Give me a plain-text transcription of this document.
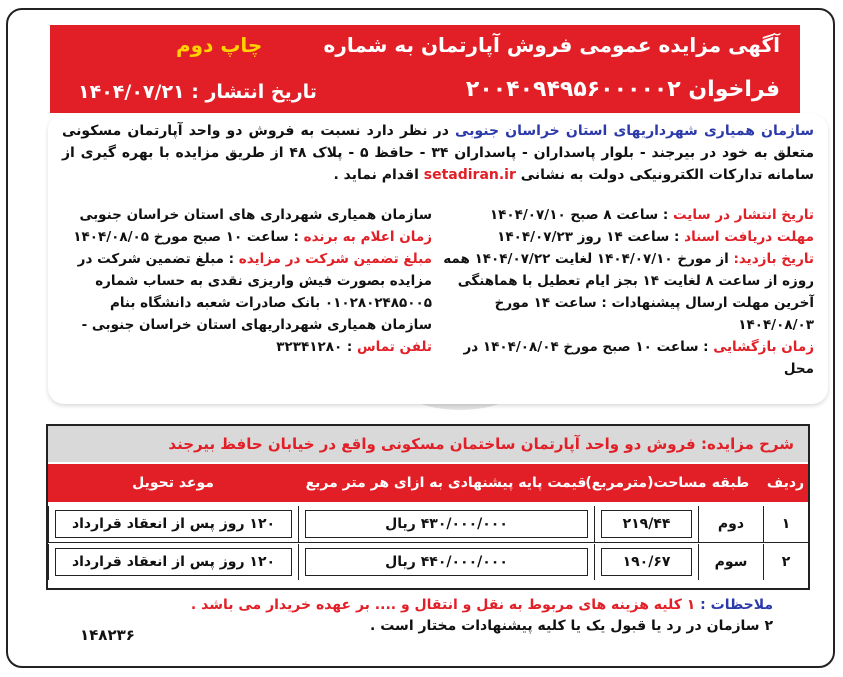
آگهی مزایده عمومی فروش آپارتمان به شماره
فراخوان ۲۰۰۴۰۹۴۹۵۶۰۰۰۰۰۲
چاپ دوم
تاریخ انتشار : ۱۴۰۴/۰۷/۲۱

سازمان همیاری شهرداریهای استان خراسان جنوبی در نظر دارد نسبت به فروش دو واحد آپارتمان مسکونی متعلق به خود در بیرجند - بلوار پاسداران - پاسداران ۳۴ - حافظ ۵ - پلاک ۴۸ از طریق مزایده با بهره گیری از سامانه تدارکات الکترونیکی دولت به نشانی setadiran.ir اقدام نماید .

تاریخ انتشار در سایت : ساعت ۸ صبح ۱۴۰۴/۰۷/۱۰

مهلت دریافت اسناد : ساعت ۱۴ روز ۱۴۰۴/۰۷/۲۳

تاریخ بازدید: از مورخ ۱۴۰۴/۰۷/۱۰ لغایت ۱۴۰۴/۰۷/۲۲ همه روزه از ساعت ۸ لغایت ۱۴ بجز ایام تعطیل با هماهنگی

آخرین مهلت ارسال پیشنهادات : ساعت ۱۴ مورخ ۱۴۰۴/۰۸/۰۳

زمان بازگشایی : ساعت ۱۰ صبح مورخ ۱۴۰۴/۰۸/۰۴ در محل

سازمان همیاری شهرداری های استان خراسان جنوبی

زمان اعلام به برنده : ساعت ۱۰ صبح مورخ ۱۴۰۴/۰۸/۰۵

مبلغ تضمین شرکت در مزایده : مبلغ تضمین شرکت در مزایده بصورت فیش واریزی نقدی به حساب شماره ۰۱۰۲۸۰۲۴۸۵۰۰۵ بانک صادرات شعبه دانشگاه بنام سازمان همیاری شهرداریهای استان خراسان جنوبی -

تلفن تماس : ۳۲۳۴۱۲۸۰

شرح مزایده: فروش دو واحد آپارتمان ساختمان مسکونی واقع در خیابان حافظ بیرجند
ردیف
طبقه
مساحت(مترمربع)
قیمت پایه پیشنهادی به ازای هر متر مربع
موعد تحویل
۱
دوم
۲۱۹/۴۴
۴۳۰/۰۰۰/۰۰۰ ریال
۱۲۰ روز پس از انعقاد قرارداد
۲
سوم
۱۹۰/۶۷
۴۴۰/۰۰۰/۰۰۰ ریال
۱۲۰ روز پس از انعقاد قرارداد

ملاحظات : ۱ کلیه هزینه های مربوط به نقل و انتقال و .... بر عهده خریدار می باشد .

۲ سازمان در رد یا قبول یک یا کلیه پیشنهادات مختار است .

۱۴۸۲۳۶
